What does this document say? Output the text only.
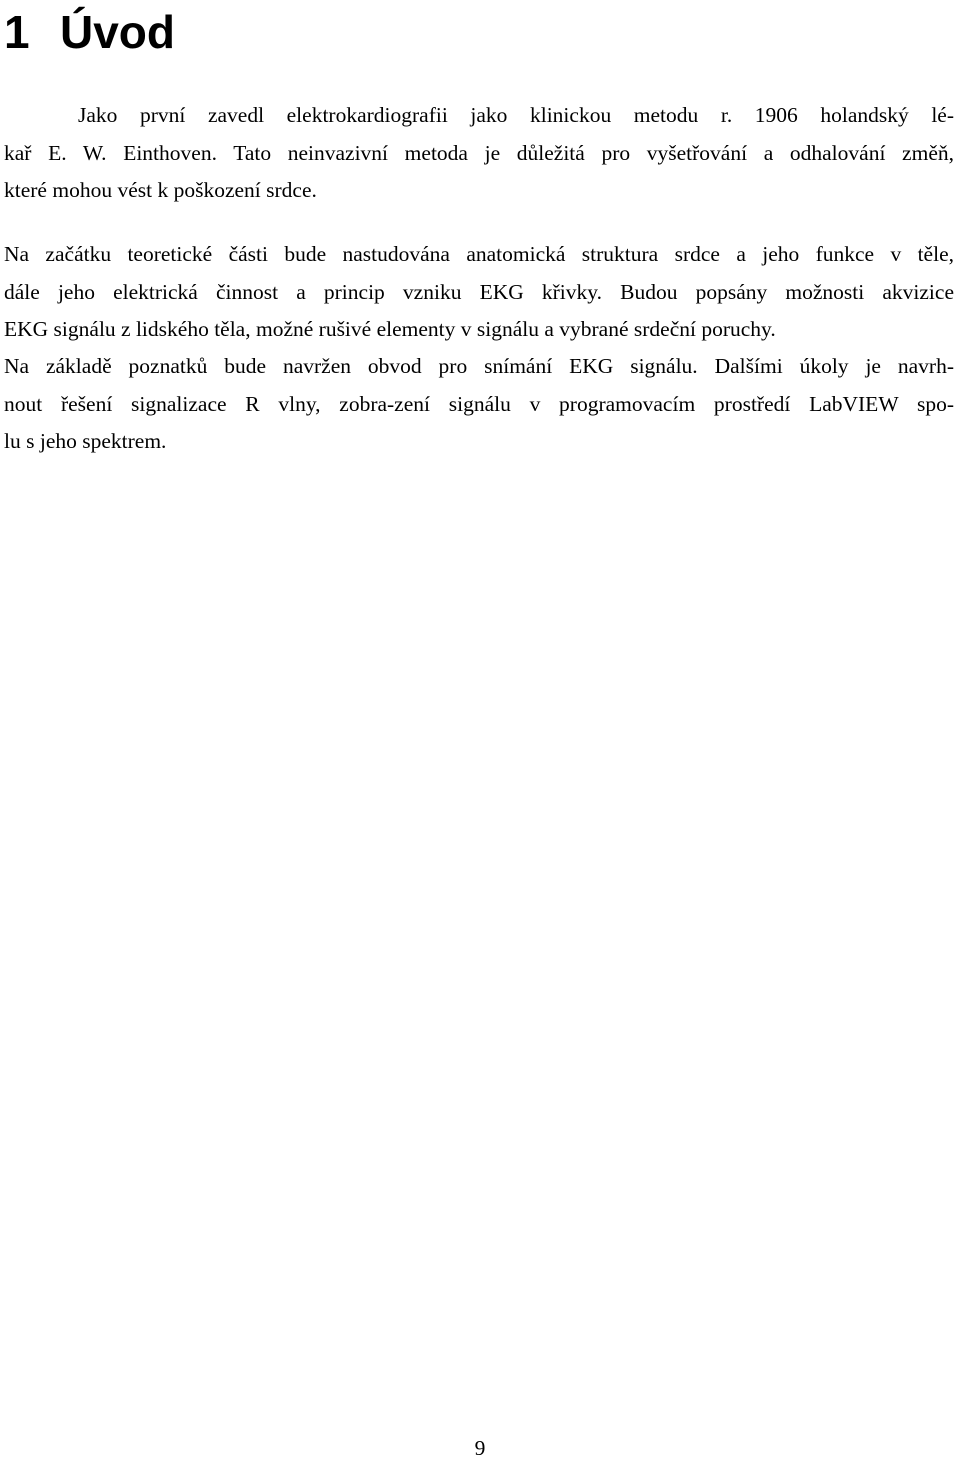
1 Úvod
Jako první zavedl elektrokardiografii jako klinickou metodu r. 1906 holandský lé-
kař E. W. Einthoven. Tato neinvazivní metoda je důležitá pro vyšetřování a odhalování změň,
které mohou vést k poškození srdce.
Na začátku teoretické části bude nastudována anatomická struktura srdce a jeho funkce v těle,
dále jeho elektrická činnost a princip vzniku EKG křivky. Budou popsány možnosti akvizice
EKG signálu z lidského těla, možné rušivé elementy v signálu a vybrané srdeční poruchy.
Na základě poznatků bude navržen obvod pro snímání EKG signálu. Dalšími úkoly je navrh-
nout řešení signalizace R vlny, zobra-zení signálu v programovacím prostředí LabVIEW spo-
lu s jeho spektrem.
9
